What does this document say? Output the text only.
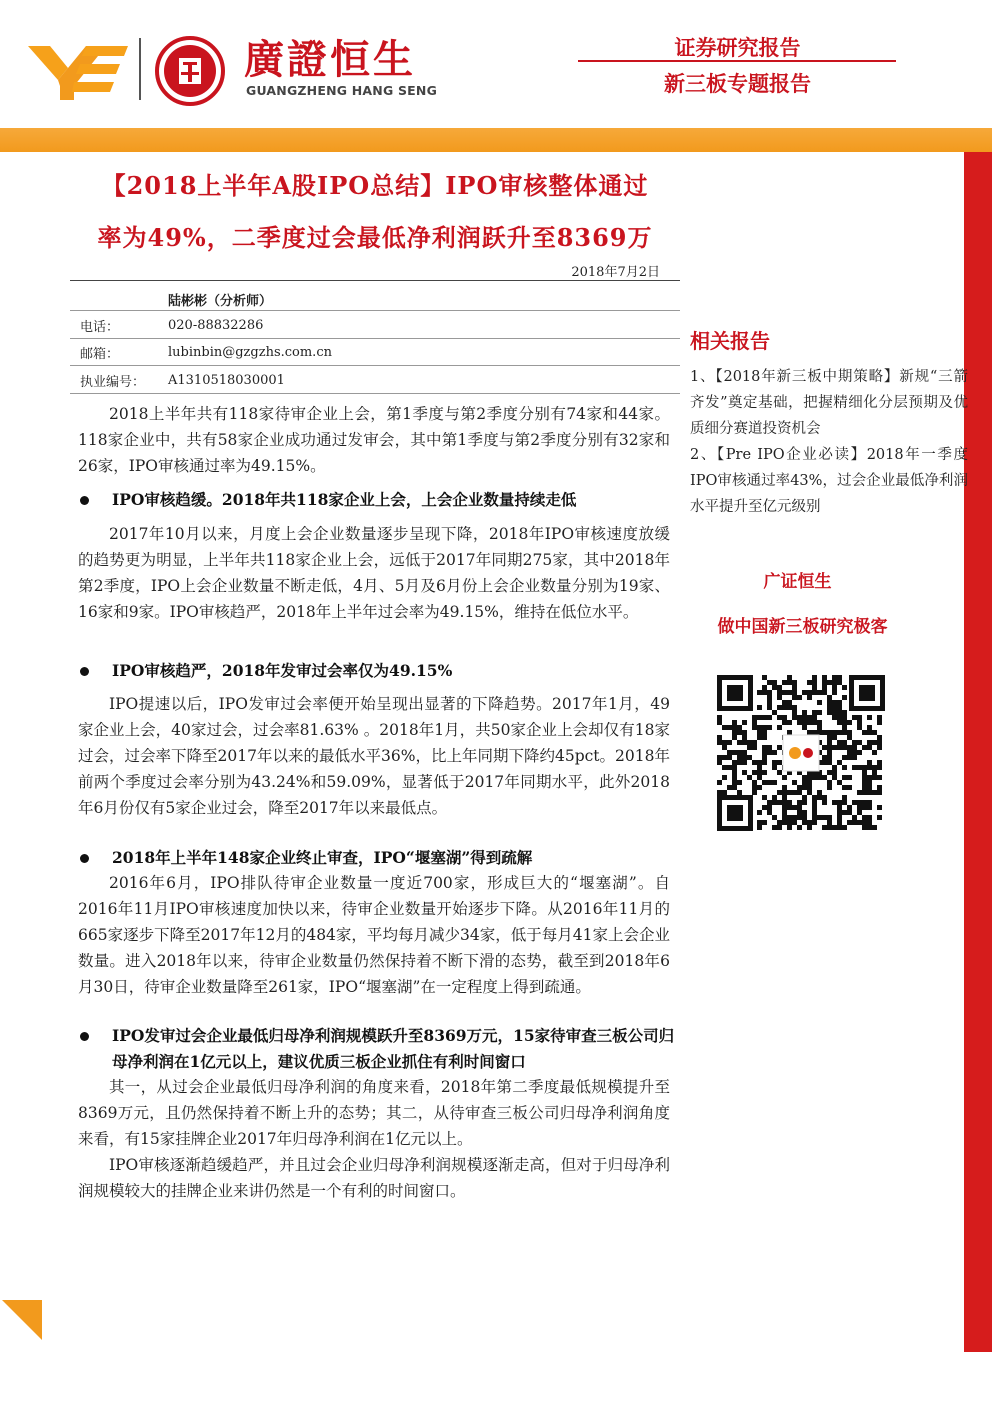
廣證恒生
GUANGZHENG HANG SENG
证券研究报告
新三板专题报告
【2018上半年A股IPO总结】IPO审核整体通过
率为49%，二季度过会最低净利润跃升至8369万
2018年7月2日
陆彬彬（分析师）
电话：	020-88832286
邮箱：	lubinbin@gzgzhs.com.cn
执业编号： A1310518030001

2018上半年共有118家待审企业上会，第1季度与第2季度分别有74家和44家。118家企业中，共有58家企业成功通过发审会，其中第1季度与第2季度分别有32家和26家，IPO审核通过率为49.15%。

IPO审核趋缓。2018年共118家企业上会，上会企业数量持续走低

2017年10月以来，月度上会企业数量逐步呈现下降，2018年IPO审核速度放缓的趋势更为明显，上半年共118家企业上会，远低于2017年同期275家，其中2018年第2季度，IPO上会企业数量不断走低，4月、5月及6月份上会企业数量分别为19家、16家和9家。IPO审核趋严，2018年上半年过会率为49.15%，维持在低位水平。

IPO审核趋严，2018年发审过会率仅为49.15%

IPO提速以后，IPO发审过会率便开始呈现出显著的下降趋势。2017年1月，49家企业上会，40家过会，过会率81.63% 。2018年1月，共50家企业上会却仅有18家过会，过会率下降至2017年以来的最低水平36%，比上年同期下降约45pct。2018年前两个季度过会率分别为43.24%和59.09%，显著低于2017年同期水平，此外2018年6月份仅有5家企业过会，降至2017年以来最低点。

2018年上半年148家企业终止审查，IPO“堰塞湖”得到疏解

2016年6月，IPO排队待审企业数量一度近700家，形成巨大的“堰塞湖”。自2016年11月IPO审核速度加快以来，待审企业数量开始逐步下降。从2016年11月的665家逐步下降至2017年12月的484家，平均每月减少34家，低于每月41家上会企业数量。进入2018年以来，待审企业数量仍然保持着不断下滑的态势，截至到2018年6月30日，待审企业数量降至261家，IPO“堰塞湖”在一定程度上得到疏通。

IPO发审过会企业最低归母净利润规模跃升至8369万元，15家待审查三板公司归母净利润在1亿元以上，建议优质三板企业抓住有利时间窗口

其一，从过会企业最低归母净利润的角度来看，2018年第二季度最低规模提升至8369万元，且仍然保持着不断上升的态势；其二，从待审查三板公司归母净利润角度来看，有15家挂牌企业2017年归母净利润在1亿元以上。

IPO审核逐渐趋缓趋严，并且过会企业归母净利润规模逐渐走高，但对于归母净利润规模较大的挂牌企业来讲仍然是一个有利的时间窗口。

相关报告
1、【2018年新三板中期策略】新规“三箭齐发”奠定基础，把握精细化分层预期及优质细分赛道投资机会
2、【Pre IPO企业必读】2018年一季度IPO审核通过率43%，过会企业最低净利润水平提升至亿元级别
广证恒生
做中国新三板研究极客
